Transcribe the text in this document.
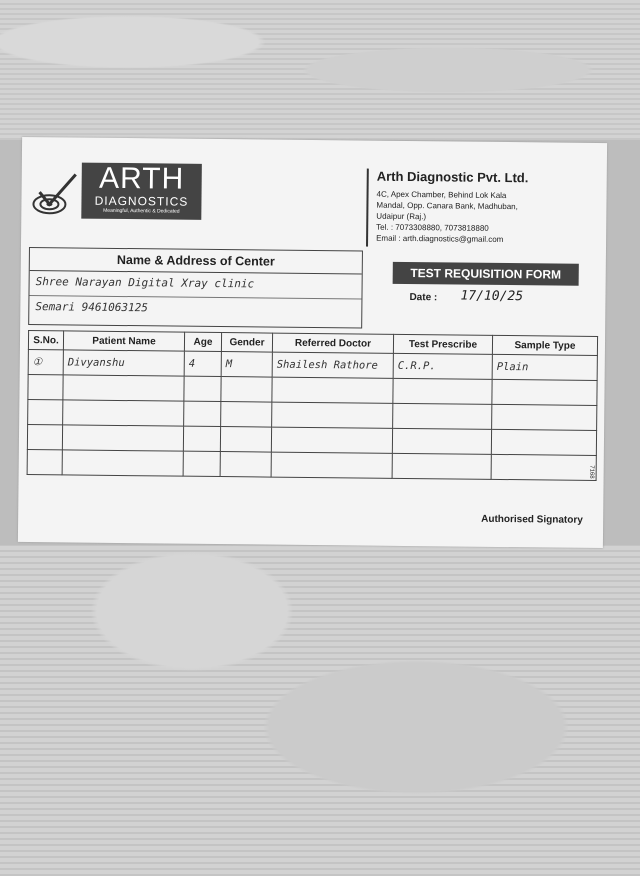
ARTH
DIAGNOSTICS
Meaningful, Authentic & Dedicated
Arth Diagnostic Pvt. Ltd.
4C, Apex Chamber, Behind Lok Kala
Mandal, Opp. Canara Bank, Madhuban,
Udaipur (Raj.)
Tel. : 7073308880, 7073818880
Email : arth.diagnostics@gmail.com
Name & Address of Center
Shree Narayan Digital Xray clinic
Semari 9461063125
TEST REQUISITION FORM
Date : 17/10/25
S.No.	Patient Name	Age	Gender	Referred Doctor	Test Prescribe	Sample Type
①	Divyanshu	4	M	Shailesh Rathore	C.R.P.	Plain

7168
Authorised Signatory
